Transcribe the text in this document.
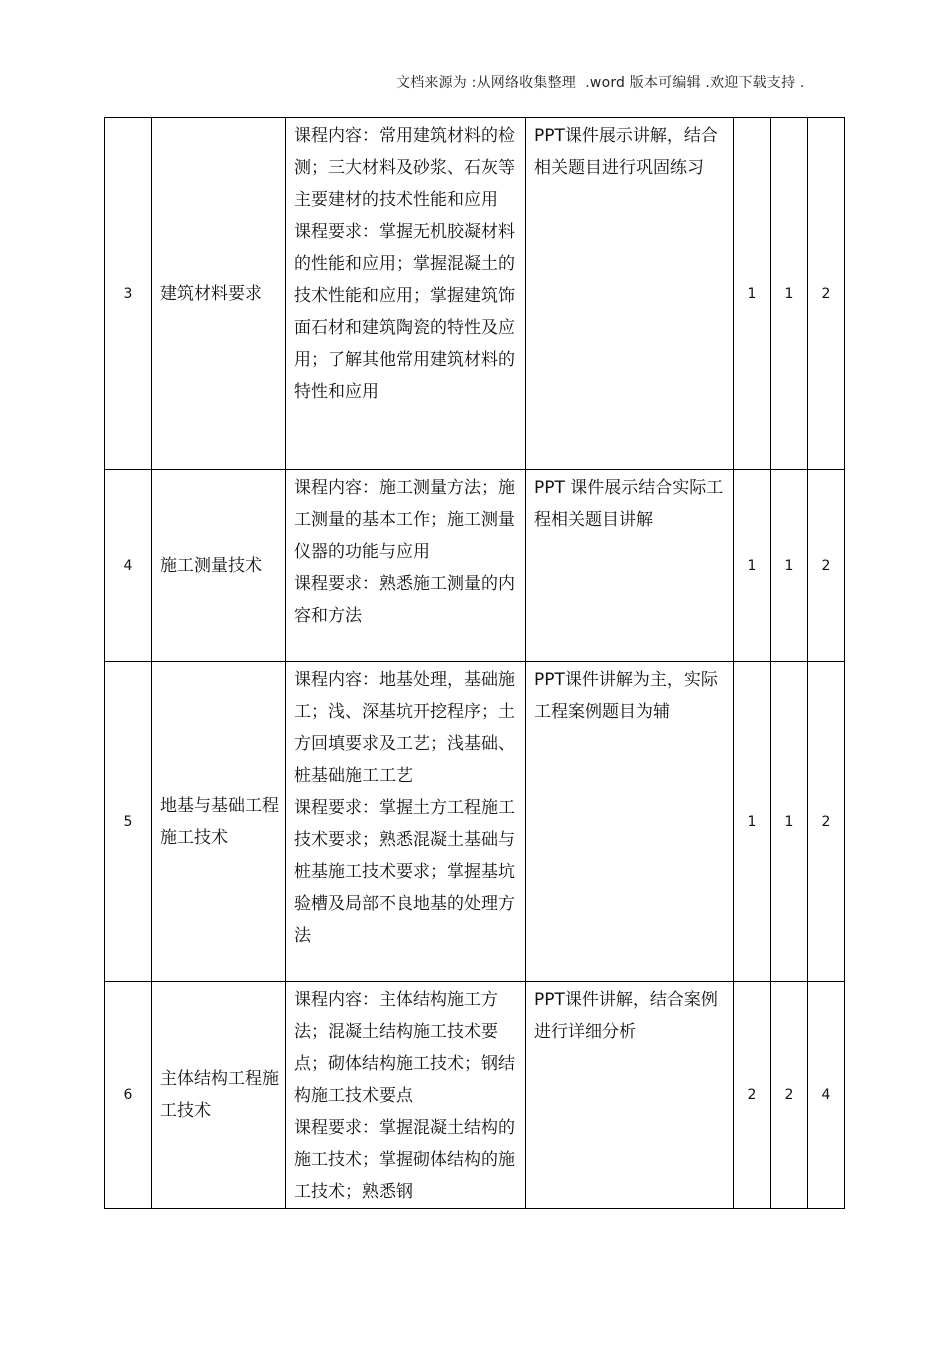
文档来源为 :从网络收集整理  .word 版本可编辑 .欢迎下载支持 .
3	建筑材料要求	课程内容：常用建筑材料的检测；三大材料及砂浆、石灰等主要建材的技术性能和应用
课程要求：掌握无机胶凝材料的性能和应用；掌握混凝土的技术性能和应用；掌握建筑饰面石材和建筑陶瓷的特性及应用；了解其他常用建筑材料的特性和应用	PPT课件展示讲解，结合相关题目进行巩固练习	1	1	2
4	施工测量技术	课程内容：施工测量方法；施工测量的基本工作；施工测量仪器的功能与应用
课程要求：熟悉施工测量的内容和方法	PPT 课件展示结合实际工程相关题目讲解	1	1	2
5	地基与基础工程施工技术	课程内容：地基处理，基础施工；浅、深基坑开挖程序；土方回填要求及工艺；浅基础、桩基础施工工艺
课程要求：掌握土方工程施工技术要求；熟悉混凝土基础与桩基施工技术要求；掌握基坑验槽及局部不良地基的处理方法	PPT课件讲解为主，实际工程案例题目为辅	1	1	2
6	主体结构工程施工技术	课程内容：主体结构施工方法；混凝土结构施工技术要点；砌体结构施工技术；钢结构施工技术要点
课程要求：掌握混凝土结构的施工技术；掌握砌体结构的施工技术；熟悉钢	PPT课件讲解，结合案例进行详细分析	2	2	4
